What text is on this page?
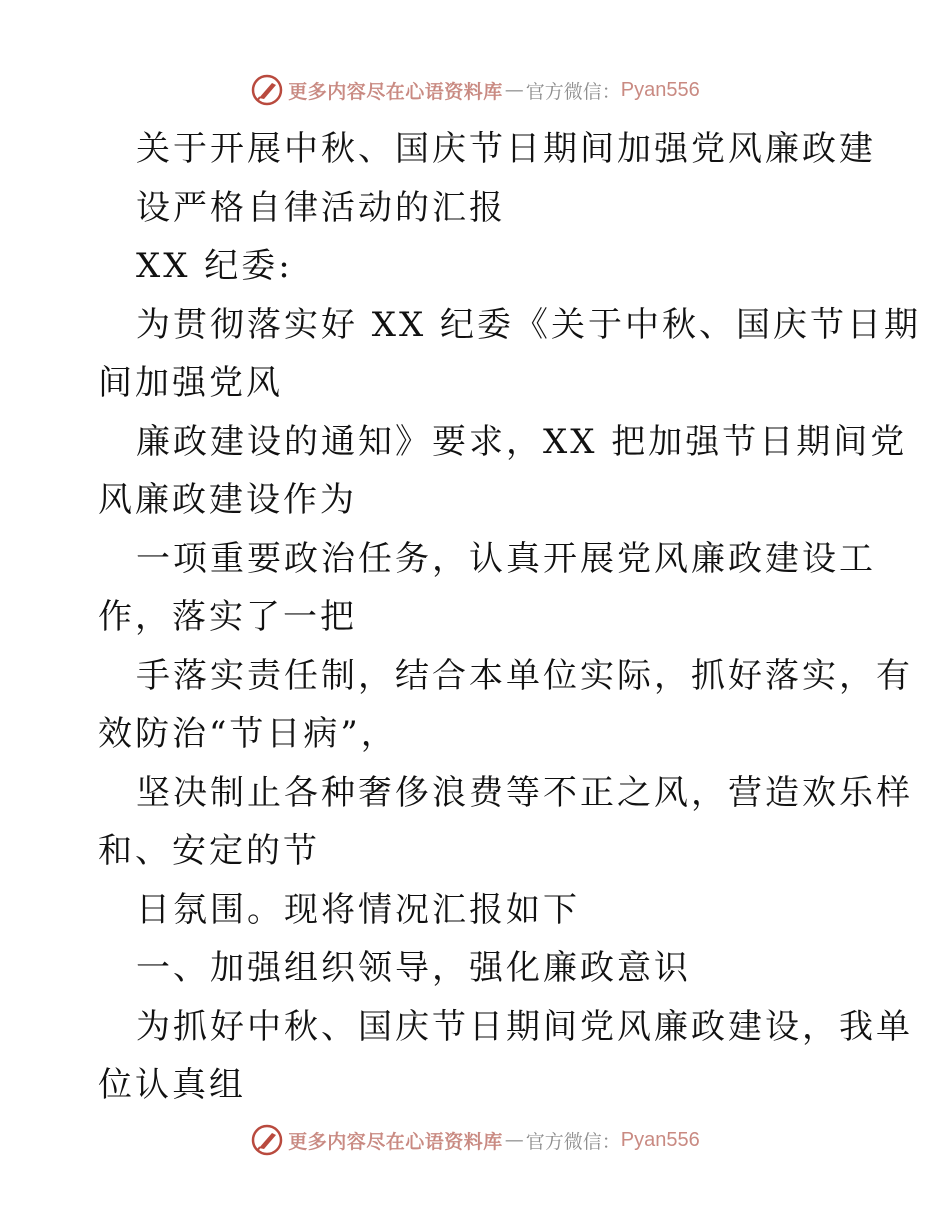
更多内容尽在心语资料库 — 官方微信： Pyan556
关于开展中秋、国庆节日期间加强党风廉政建
设严格自律活动的汇报
XX 纪委:
为贯彻落实好 XX 纪委《关于中秋、国庆节日期
间加强党风
廉政建设的通知》要求，XX 把加强节日期间党
风廉政建设作为
一项重要政治任务，认真开展党风廉政建设工
作，落实了一把
手落实责任制，结合本单位实际，抓好落实，有
效防治“节日病”，
坚决制止各种奢侈浪费等不正之风，营造欢乐样
和、安定的节
日氛围。现将情况汇报如下
一、加强组织领导，强化廉政意识
为抓好中秋、国庆节日期间党风廉政建设，我单
位认真组
更多内容尽在心语资料库 — 官方微信： Pyan556
